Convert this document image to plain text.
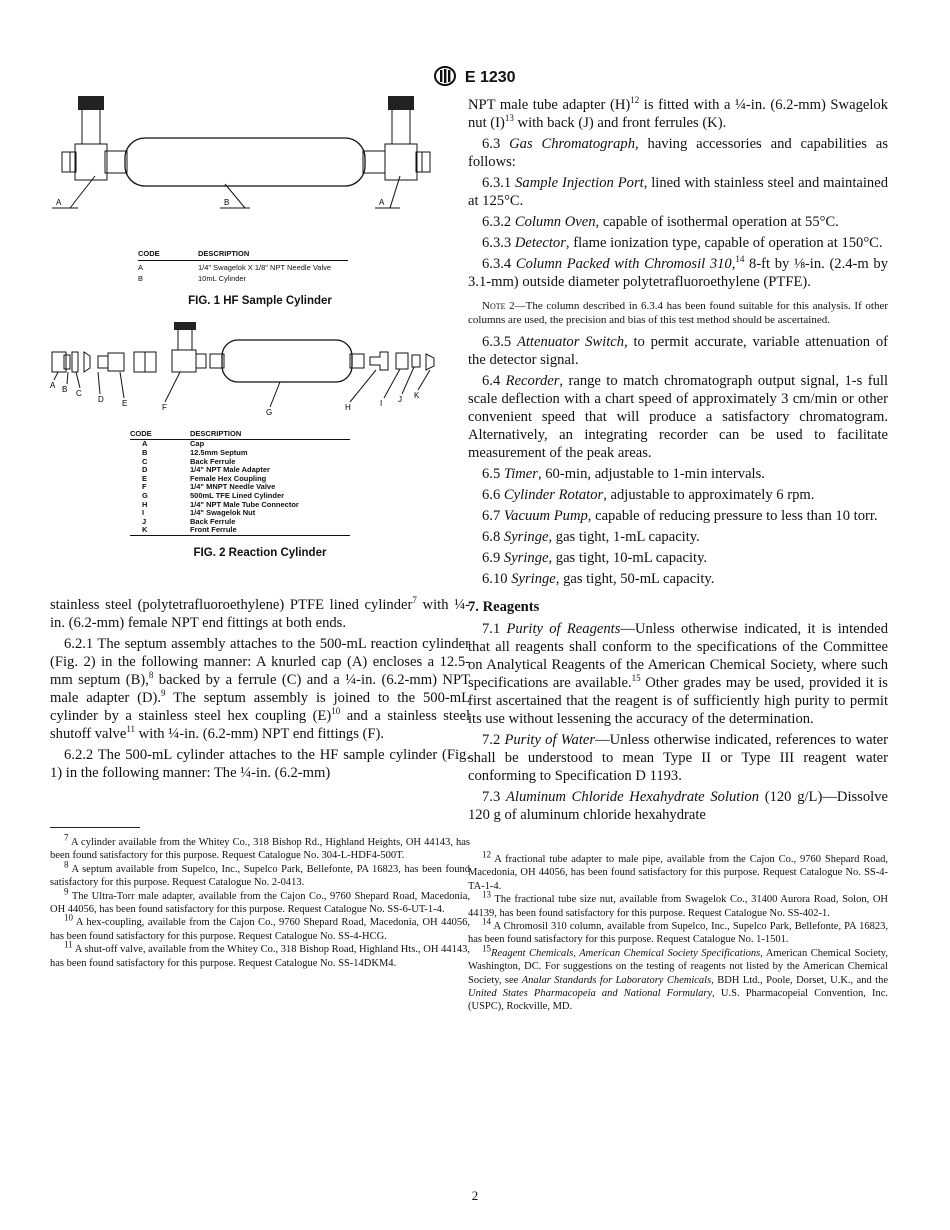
E 1230
A	B	A
CODE	DESCRIPTION
A	1/4" Swagelok X 1/8" NPT Needle Valve
B	10mL Cylinder
FIG. 1 HF Sample Cylinder
A B C
D E	F
G
H	I J K
CODE	DESCRIPTION
A	Cap
B	12.5mm Septum
C	Back Ferrule
D	1/4" NPT Male Adapter
E	Female Hex Coupling
F	1/4" MNPT Needle Valve
G	500mL TFE Lined Cylinder
H	1/4" NPT Male Tube Connector
I	1/4" Swagelok Nut
J	Back Ferrule
K	Front Ferrule
FIG. 2 Reaction Cylinder

stainless steel (polytetrafluoroethylene) PTFE lined cylinder$^7$ with ¼-in. (6.2-mm) female NPT end fittings at both ends.

6.2.1 The septum assembly attaches to the 500-mL reaction cylinder (Fig. 2) in the following manner: A knurled cap (A) encloses a 12.5-mm septum (B),$^8$ backed by a ferrule (C) and a ¼-in. (6.2-mm) NPT male adapter (D).$^9$ The septum assembly is joined to the 500-mL cylinder by a stainless steel hex coupling $(E)^{10}$ and a stainless steel shutoff valve$^{11}$ with ¼-in. (6.2-mm) NPT end fittings (F).

6.2.2 The 500-mL cylinder attaches to the HF sample cylinder (Fig. 1) in the following manner: The ¼-in. (6.2-mm)

$^7$ A cylinder available from the Whitey Co., 318 Bishop Rd., Highland Heights, OH 44143, has been found satisfactory for this purpose. Request Catalogue No. 304-L-HDF4-500T.

$^8$ A septum available from Supelco, Inc., Supelco Park, Bellefonte, PA 16823, has been found satisfactory for this purpose. Request Catalogue No. 2-0413.

$^9$ The Ultra-Torr male adapter, available from the Cajon Co., 9760 Shepard Road, Macedonia, OH 44056, has been found satisfactory for this purpose. Request Catalogue No. SS-6-UT-1-4.

$^{10}$ A hex-coupling, available from the Cajon Co., 9760 Shepard Road, Macedonia, OH 44056, has been found satisfactory for this purpose. Request Catalogue No. SS-4-HCG.

$^{11}$ A shut-off valve, available from the Whitey Co., 318 Bishop Road, Highland Hts., OH 44143, has been found satisfactory for this purpose. Request Catalogue No. SS-14DKM4.

NPT male tube adapter $(H)^{12}$ is fitted with a ¼-in. (6.2-mm) Swagelok nut $(I)^{13}$ with back (J) and front ferrules (K).

6.3 Gas Chromatograph, having accessories and capabilities as follows:

6.3.1 Sample Injection Port, lined with stainless steel and maintained at 125°C.

6.3.2 Column Oven, capable of isothermal operation at 55°C.

6.3.3 Detector, flame ionization type, capable of operation at 150°C.

6.3.4 Column Packed with Chromosil 310,14 8-ft by ⅛-in. (2.4-m by 3.1-mm) outside diameter polytetrafluoroethylene (PTFE).

Note 2—The column described in 6.3.4 has been found suitable for this analysis. If other columns are used, the precision and bias of this test method should be ascertained.

6.3.5 Attenuator Switch, to permit accurate, variable attenuation of the detector signal.

6.4 Recorder, range to match chromatograph output signal, 1-s full scale deflection with a chart speed of approximately 3 cm/min or other convenient speed that will produce a satisfactory chromatogram. Alternatively, an integrating recorder can be used to facilitate measurement of the peak areas.

6.5 Timer, 60-min, adjustable to 1-min intervals.

6.6 Cylinder Rotator, adjustable to approximately 6 rpm.

6.7 Vacuum Pump, capable of reducing pressure to less than 10 torr.

6.8 Syringe, gas tight, 1-mL capacity.

6.9 Syringe, gas tight, 10-mL capacity.

6.10 Syringe, gas tight, 50-mL capacity.

7. Reagents

7.1 Purity of Reagents—Unless otherwise indicated, it is intended that all reagents shall conform to the specifications of the Committee on Analytical Reagents of the American Chemical Society, where such specifications are available.$^{15}$ Other grades may be used, provided it is first ascertained that the reagent is of sufficiently high purity to permit its use without lessening the accuracy of the determination.

7.2 Purity of Water—Unless otherwise indicated, references to water shall be understood to mean Type II or Type III reagent water conforming to Specification D 1193.

7.3 Aluminum Chloride Hexahydrate Solution (120 g/L)—Dissolve 120 g of aluminum chloride hexahydrate

$^{12}$ A fractional tube adapter to male pipe, available from the Cajon Co., 9760 Shepard Road, Macedonia, OH 44056, has been found satisfactory for this purpose. Request Catalogue No. SS-4-TA-1-4.

$^{13}$ The fractional tube size nut, available from Swagelok Co., 31400 Aurora Road, Solon, OH 44139, has been found satisfactory for this purpose. Request Catalogue No. SS-402-1.

$^{14}$ A Chromosil 310 column, available from Supelco, Inc., Supelco Park, Bellefonte, PA 16823, has been found satisfactory for this purpose. Request Catalogue No. 1-1501.

$^{15}$Reagent Chemicals, American Chemical Society Specifications, American Chemical Society, Washington, DC. For suggestions on the testing of reagents not listed by the American Chemical Society, see Analar Standards for Laboratory Chemicals, BDH Ltd., Poole, Dorset, U.K., and the United States Pharmacopeia and National Formulary, U.S. Pharmacopeial Convention, Inc. (USPC), Rockville, MD.

2
